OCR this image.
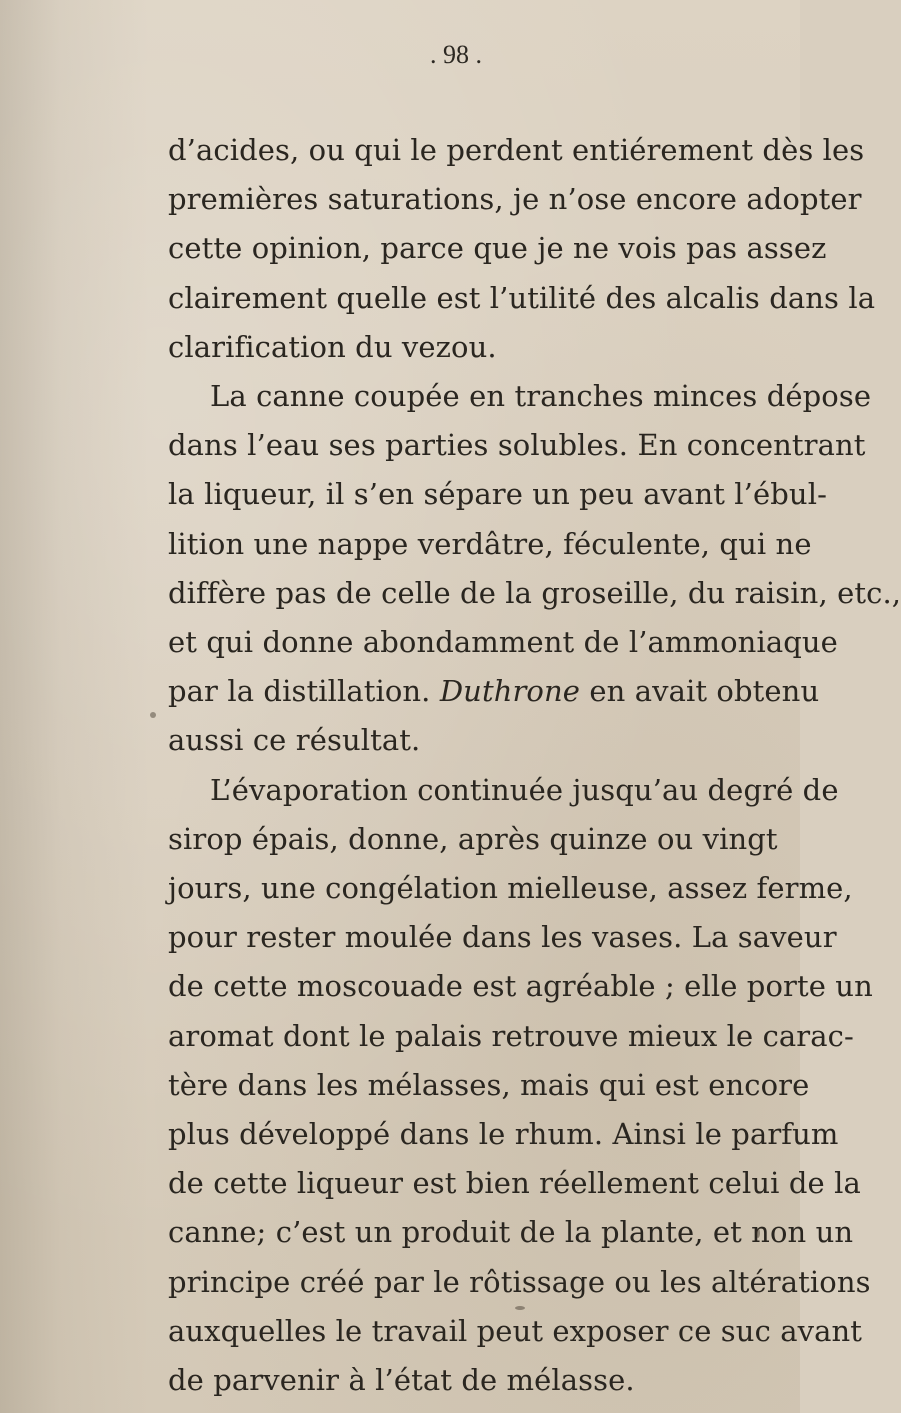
. 98 .
d’acides, ou qui le perdent entiérement dès les
premières saturations, je n’ose encore adopter
cette opinion, parce que je ne vois pas assez
clairement quelle est l’utilité des alcalis dans la
clarification du vezou.
La canne coupée en tranches minces dépose
dans l’eau ses parties solubles. En concentrant
la liqueur, il s’en sépare un peu avant l’ébul-
lition une nappe verdâtre, féculente, qui ne
diffère pas de celle de la groseille, du raisin, etc.,
et qui donne abondamment de l’ammoniaque
par la distillation. Duthrone en avait obtenu
aussi ce résultat.
L’évaporation continuée jusqu’au degré de
sirop épais, donne, après quinze ou vingt
jours, une congélation mielleuse, assez ferme,
pour rester moulée dans les vases. La saveur
de cette moscouade est agréable ; elle porte un
aromat dont le palais retrouve mieux le carac-
tère dans les mélasses, mais qui est encore
plus développé dans le rhum. Ainsi le parfum
de cette liqueur est bien réellement celui de la
canne; c’est un produit de la plante, et non un
principe créé par le rôtissage ou les altérations
auxquelles le travail peut exposer ce suc avant
de parvenir à l’état de mélasse.
